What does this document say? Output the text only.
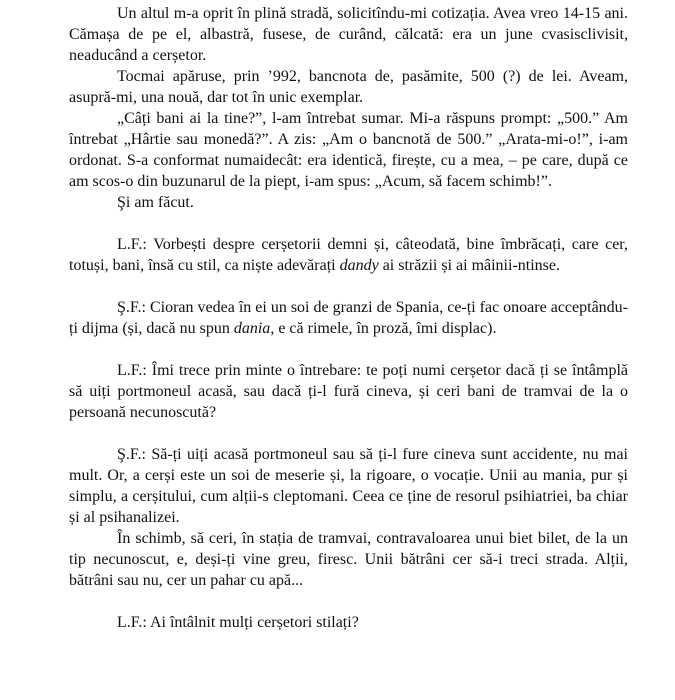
Un altul m-a oprit în plină stradă, solicitîndu-mi cotizația. Avea vreo 14-15 ani. Cămașa de pe el, albastră, fusese, de curând, călcată: era un june cvasisclivisit, neaducând a cerșetor.

Tocmai apăruse, prin ’992, bancnota de, pasămite, 500 (?) de lei. Aveam, asupră-mi, una nouă, dar tot în unic exemplar.

„Câți bani ai la tine?”, l-am întrebat sumar. Mi-a răspuns prompt: „500.” Am întrebat „Hârtie sau monedă?”. A zis: „Am o bancnotă de 500.” „Arata-mi-o!”, i-am ordonat. S-a conformat numaidecât: era identică, firește, cu a mea, – pe care, după ce am scos-o din buzunarul de la piept, i-am spus: „Acum, să facem schimb!”.

Şi am făcut.

L.F.: Vorbești despre cerșetorii demni și, câteodată, bine îmbrăcați, care cer, totuși, bani, însă cu stil, ca niște adevărați dandy ai străzii și ai mâinii-ntinse.

Ş.F.: Cioran vedea în ei un soi de granzi de Spania, ce-ți fac onoare acceptându-ți dijma (și, dacă nu spun dania, e că rimele, în proză, îmi displac).

L.F.: Îmi trece prin minte o întrebare: te poți numi cerșetor dacă ți se întâmplă să uiți portmoneul acasă, sau dacă ți-l fură cineva, și ceri bani de tramvai de la o persoană necunoscută?

Ş.F.: Să-ți uiți acasă portmoneul sau să ți-l fure cineva sunt accidente, nu mai mult. Or, a cerși este un soi de meserie și, la rigoare, o vocație. Unii au mania, pur și simplu, a cerșitului, cum alții-s cleptomani. Ceea ce ține de resorul psihiatriei, ba chiar și al psihanalizei.

În schimb, să ceri, în stația de tramvai, contravaloarea unui biet bilet, de la un tip necunoscut, e, deși-ți vine greu, firesc. Unii bătrâni cer să-i treci strada. Alții, bătrâni sau nu, cer un pahar cu apă...

L.F.: Ai întâlnit mulți cerșetori stilați?
